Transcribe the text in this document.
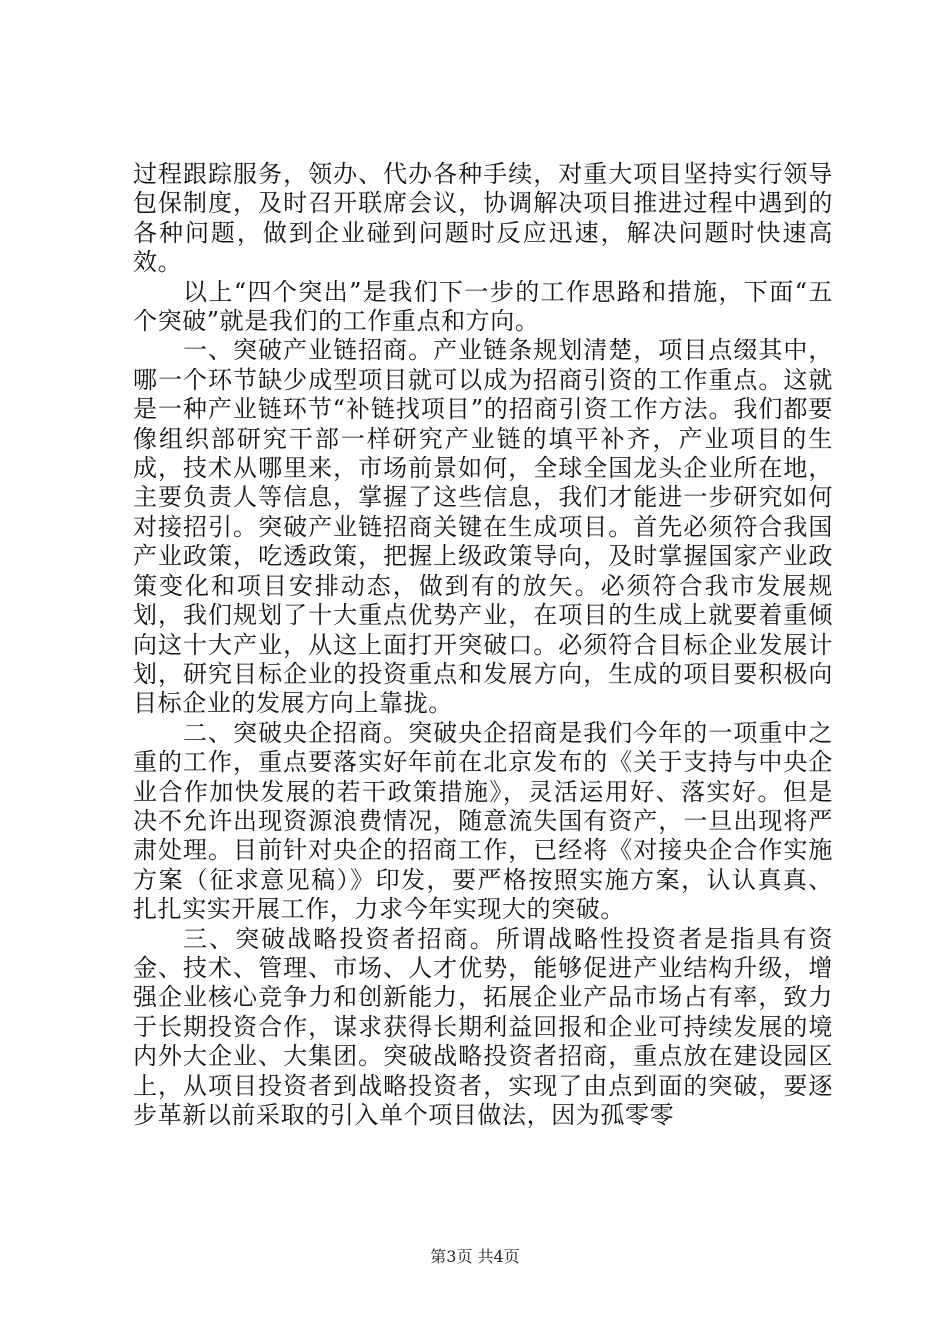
过程跟踪服务，领办、代办各种手续，对重大项目坚持实行领导包保制度，及时召开联席会议，协调解决项目推进过程中遇到的各种问题，做到企业碰到问题时反应迅速，解决问题时快速高效。

以上“四个突出”是我们下一步的工作思路和措施，下面“五个突破”就是我们的工作重点和方向。

一、突破产业链招商。产业链条规划清楚，项目点缀其中，哪一个环节缺少成型项目就可以成为招商引资的工作重点。这就是一种产业链环节“补链找项目”的招商引资工作方法。我们都要像组织部研究干部一样研究产业链的填平补齐，产业项目的生成，技术从哪里来，市场前景如何，全球全国龙头企业所在地，主要负责人等信息，掌握了这些信息，我们才能进一步研究如何对接招引。突破产业链招商关键在生成项目。首先必须符合我国产业政策，吃透政策，把握上级政策导向，及时掌握国家产业政策变化和项目安排动态，做到有的放矢。必须符合我市发展规划，我们规划了十大重点优势产业，在项目的生成上就要着重倾向这十大产业，从这上面打开突破口。必须符合目标企业发展计划，研究目标企业的投资重点和发展方向，生成的项目要积极向目标企业的发展方向上靠拢。

二、突破央企招商。突破央企招商是我们今年的一项重中之重的工作，重点要落实好年前在北京发布的《关于支持与中央企业合作加快发展的若干政策措施》，灵活运用好、落实好。但是决不允许出现资源浪费情况，随意流失国有资产，一旦出现将严肃处理。目前针对央企的招商工作，已经将《对接央企合作实施方案（征求意见稿）》印发，要严格按照实施方案，认认真真、扎扎实实开展工作，力求今年实现大的突破。

三、突破战略投资者招商。所谓战略性投资者是指具有资金、技术、管理、市场、人才优势，能够促进产业结构升级，增强企业核心竞争力和创新能力，拓展企业产品市场占有率，致力于长期投资合作，谋求获得长期利益回报和企业可持续发展的境内外大企业、大集团。突破战略投资者招商，重点放在建设园区上，从项目投资者到战略投资者，实现了由点到面的突破，要逐步革新以前采取的引入单个项目做法，因为孤零零

第3页 共4页
